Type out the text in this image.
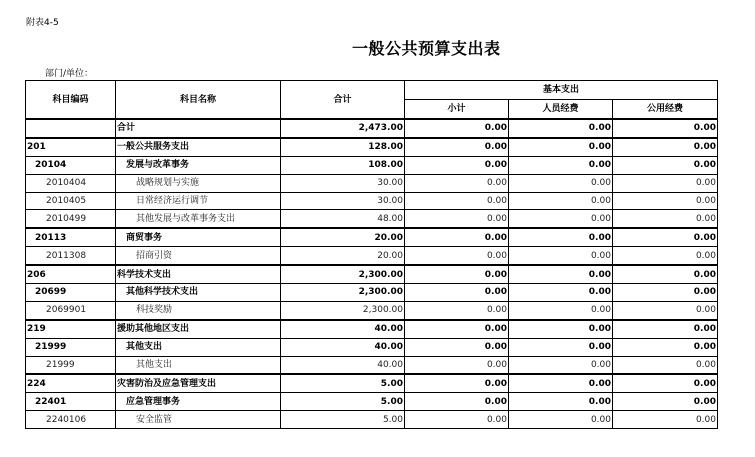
附表4-5
一般公共预算支出表
部门/单位：
科目编码	科目名称	合计	基本支出		
			小计	人员经费	公用经费
	合计	2,473.00	0.00	0.00	0.00
201	一般公共服务支出	128.00	0.00	0.00	0.00
20104	发展与改革事务	108.00	0.00	0.00	0.00
2010404	战略规划与实施	30.00	0.00	0.00	0.00
2010405	日常经济运行调节	30.00	0.00	0.00	0.00
2010499	其他发展与改革事务支出	48.00	0.00	0.00	0.00
20113	商贸事务	20.00	0.00	0.00	0.00
2011308	招商引资	20.00	0.00	0.00	0.00
206	科学技术支出	2,300.00	0.00	0.00	0.00
20699	其他科学技术支出	2,300.00	0.00	0.00	0.00
2069901	科技奖励	2,300.00	0.00	0.00	0.00
219	援助其他地区支出	40.00	0.00	0.00	0.00
21999	其他支出	40.00	0.00	0.00	0.00
21999	其他支出	40.00	0.00	0.00	0.00
224	灾害防治及应急管理支出	5.00	0.00	0.00	0.00
22401	应急管理事务	5.00	0.00	0.00	0.00
2240106	安全监管	5.00	0.00	0.00	0.00
